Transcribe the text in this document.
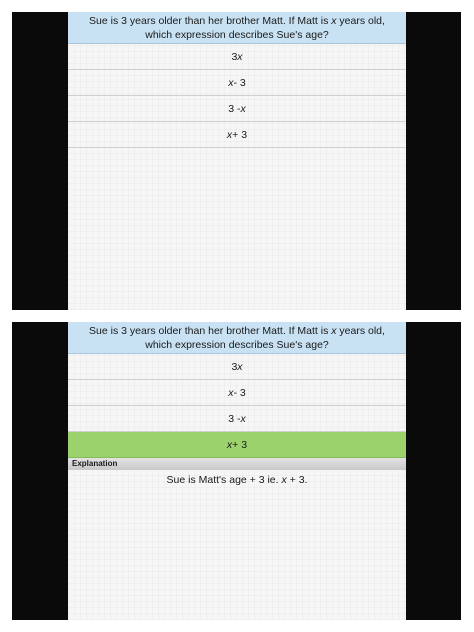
Sue is 3 years older than her brother Matt. If Matt is x years old, which expression describes Sue's age?
3 x
x - 3
3 - x
x + 3
Sue is 3 years older than her brother Matt. If Matt is x years old, which expression describes Sue's age?
3 x
x - 3
3 - x
x + 3
Explanation
Sue is Matt's age + 3 ie. x + 3.
